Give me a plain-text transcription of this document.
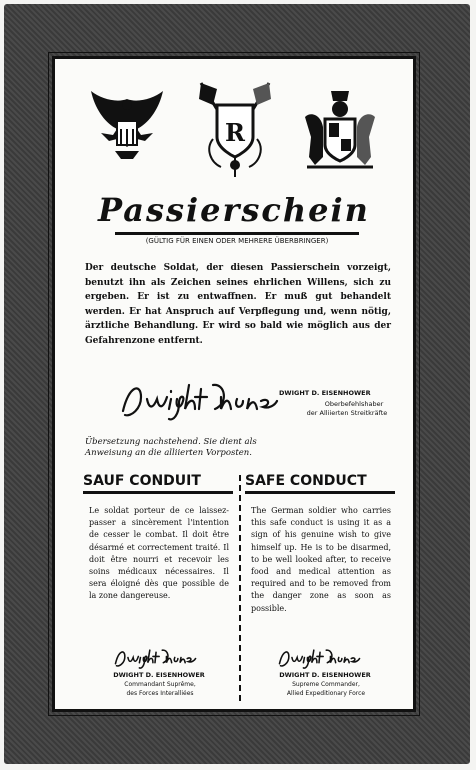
R
Passierschein
(GÜLTIG FÜR EINEN ODER MEHRERE ÜBERBRINGER)
Der deutsche Soldat, der diesen Passierschein vorzeigt, benutzt ihn als Zeichen seines ehrlichen Willens, sich zu ergeben. Er ist zu entwaffnen. Er muß gut behandelt werden. Er hat Anspruch auf Verpflegung und, wenn nötig, ärztliche Behandlung. Er wird so bald wie möglich aus der Gefahrenzone entfernt.
DWIGHT D. EISENHOWER
Oberbefehlshaber
der Alliierten Streitkräfte
Übersetzung nachstehend. Sie dient als Anweisung an die alliierten Vorposten.
SAUF CONDUIT	SAFE CONDUCT
Le soldat porteur de ce laissez-passer a sincèrement l'intention de cesser le combat. Il doit être désarmé et correctement traité. Il doit être nourri et recevoir les soins médicaux nécessaires. Il sera éloigné dès que possible de la zone dangereuse.
The German soldier who carries this safe conduct is using it as a sign of his genuine wish to give himself up. He is to be disarmed, to be well looked after, to receive food and medical attention as required and to be removed from the danger zone as soon as possible.
DWIGHT D. EISENHOWER
Commandant Suprême,
des Forces Interalliées
DWIGHT D. EISENHOWER
Supreme Commander,
Allied Expeditionary Force
